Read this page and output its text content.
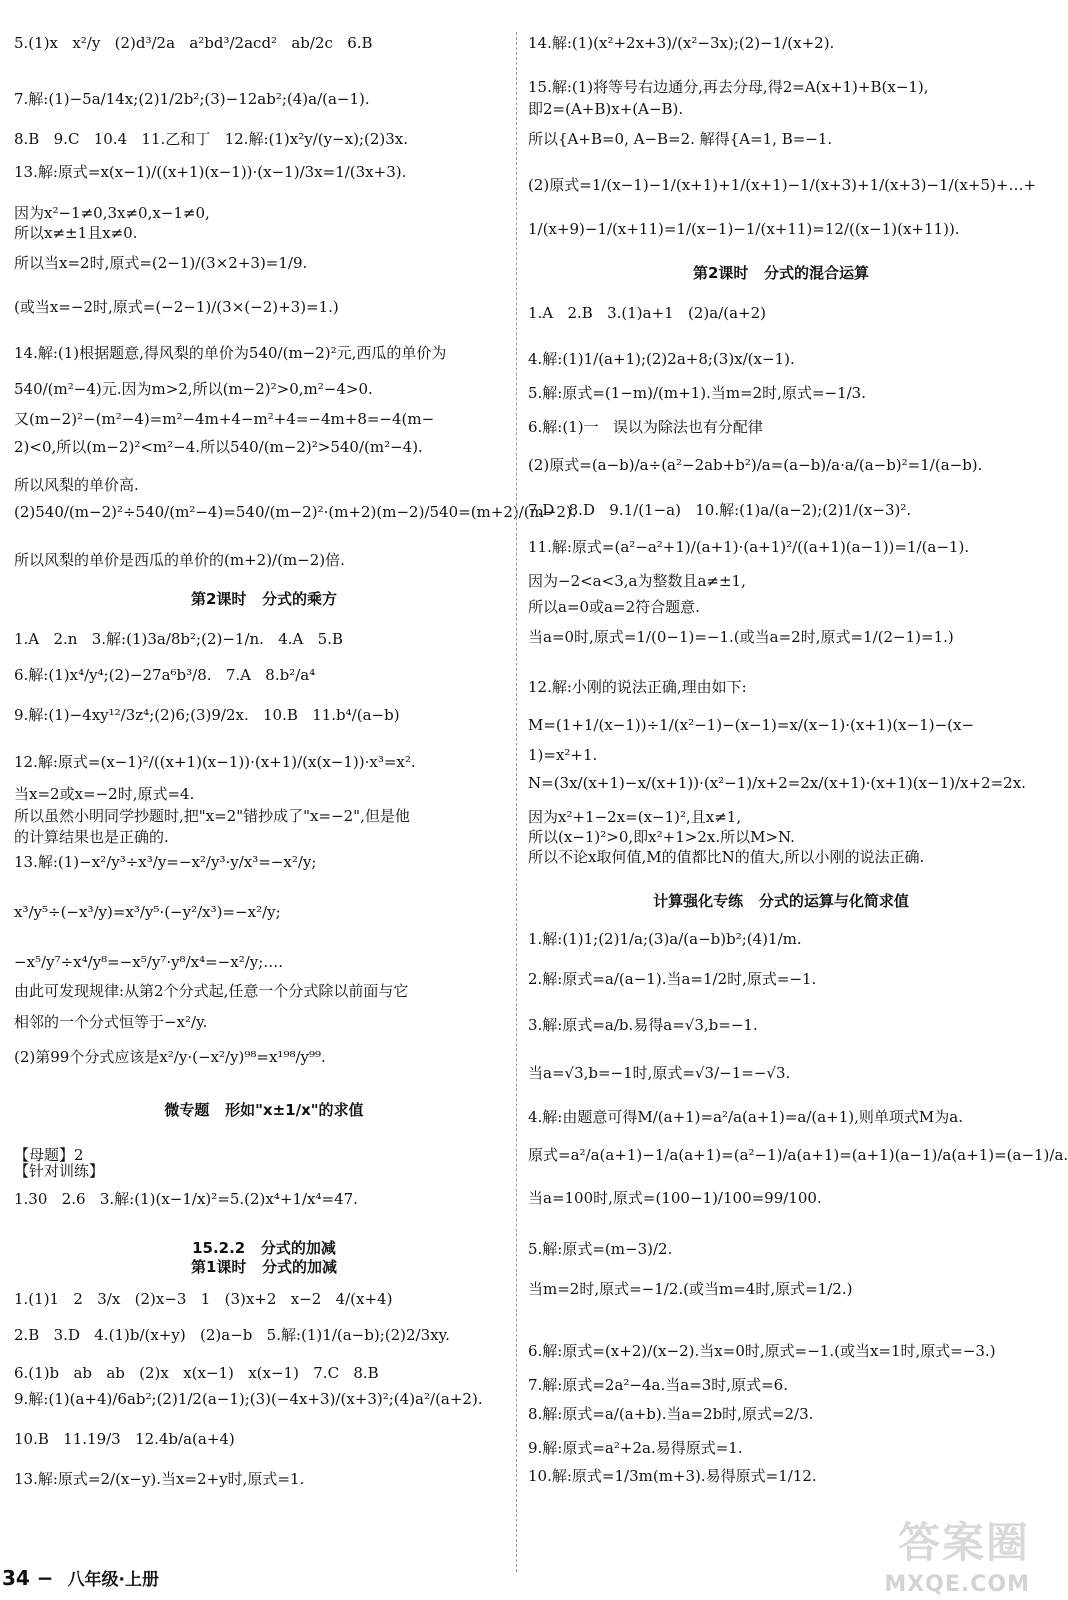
5.(1)x   x²/y   (2)d³/2a   a²bd³/2acd²   ab/2c   6.B
7.解:(1)−5a/14x;(2)1/2b²;(3)−12ab²;(4)a/(a−1).
8.B   9.C   10.4   11.乙和丁   12.解:(1)x²y/(y−x);(2)3x.
13.解:原式=x(x−1)/((x+1)(x−1))·(x−1)/3x=1/(3x+3).
因为x²−1≠0,3x≠0,x−1≠0,
所以x≠±1且x≠0.
所以当x=2时,原式=(2−1)/(3×2+3)=1/9.
(或当x=−2时,原式=(−2−1)/(3×(−2)+3)=1.)
14.解:(1)根据题意,得风梨的单价为540/(m−2)²元,西瓜的单价为
540/(m²−4)元.因为m>2,所以(m−2)²>0,m²−4>0.
又(m−2)²−(m²−4)=m²−4m+4−m²+4=−4m+8=−4(m−
2)<0,所以(m−2)²<m²−4.所以540/(m−2)²>540/(m²−4).
所以风梨的单价高.
(2)540/(m−2)²÷540/(m²−4)=540/(m−2)²·(m+2)(m−2)/540=(m+2)/(m−2).
所以风梨的单价是西瓜的单价的(m+2)/(m−2)倍.
第2课时   分式的乘方
1.A   2.n   3.解:(1)3a/8b²;(2)−1/n.   4.A   5.B
6.解:(1)x⁴/y⁴;(2)−27a⁶b³/8.   7.A   8.b²/a⁴
9.解:(1)−4xy¹²/3z⁴;(2)6;(3)9/2x.   10.B   11.b⁴/(a−b)
12.解:原式=(x−1)²/((x+1)(x−1))·(x+1)/(x(x−1))·x³=x².
当x=2或x=−2时,原式=4.
所以虽然小明同学抄题时,把"x=2"错抄成了"x=−2",但是他
的计算结果也是正确的.
13.解:(1)−x²/y³÷x³/y=−x²/y³·y/x³=−x²/y;
x³/y⁵÷(−x³/y)=x³/y⁵·(−y²/x³)=−x²/y;
−x⁵/y⁷÷x⁴/y⁸=−x⁵/y⁷·y⁸/x⁴=−x²/y;….
由此可发现规律:从第2个分式起,任意一个分式除以前面与它
相邻的一个分式恒等于−x²/y.
(2)第99个分式应该是x²/y·(−x²/y)⁹⁸=x¹⁹⁸/y⁹⁹.
微专题   形如"x±1/x"的求值
【母题】2
【针对训练】
1.30   2.6   3.解:(1)(x−1/x)²=5.(2)x⁴+1/x⁴=47.
15.2.2   分式的加减
第1课时   分式的加减
1.(1)1   2   3/x   (2)x−3   1   (3)x+2   x−2   4/(x+4)
2.B   3.D   4.(1)b/(x+y)   (2)a−b   5.解:(1)1/(a−b);(2)2/3xy.
6.(1)b   ab   ab   (2)x   x(x−1)   x(x−1)   7.C   8.B
9.解:(1)(a+4)/6ab²;(2)1/2(a−1);(3)(−4x+3)/(x+3)²;(4)a²/(a+2).
10.B   11.19/3   12.4b/a(a+4)
13.解:原式=2/(x−y).当x=2+y时,原式=1.
14.解:(1)(x²+2x+3)/(x²−3x);(2)−1/(x+2).
15.解:(1)将等号右边通分,再去分母,得2=A(x+1)+B(x−1),
即2=(A+B)x+(A−B).
所以{A+B=0, A−B=2. 解得{A=1, B=−1.
(2)原式=1/(x−1)−1/(x+1)+1/(x+1)−1/(x+3)+1/(x+3)−1/(x+5)+…+
1/(x+9)−1/(x+11)=1/(x−1)−1/(x+11)=12/((x−1)(x+11)).
第2课时   分式的混合运算
1.A   2.B   3.(1)a+1   (2)a/(a+2)
4.解:(1)1/(a+1);(2)2a+8;(3)x/(x−1).
5.解:原式=(1−m)/(m+1).当m=2时,原式=−1/3.
6.解:(1)一   误以为除法也有分配律
(2)原式=(a−b)/a÷(a²−2ab+b²)/a=(a−b)/a·a/(a−b)²=1/(a−b).
7.D   8.D   9.1/(1−a)   10.解:(1)a/(a−2);(2)1/(x−3)².
11.解:原式=(a²−a²+1)/(a+1)·(a+1)²/((a+1)(a−1))=1/(a−1).
因为−2<a<3,a为整数且a≠±1,
所以a=0或a=2符合题意.
当a=0时,原式=1/(0−1)=−1.(或当a=2时,原式=1/(2−1)=1.)
12.解:小刚的说法正确,理由如下:
M=(1+1/(x−1))÷1/(x²−1)−(x−1)=x/(x−1)·(x+1)(x−1)−(x−
1)=x²+1.
N=(3x/(x+1)−x/(x+1))·(x²−1)/x+2=2x/(x+1)·(x+1)(x−1)/x+2=2x.
因为x²+1−2x=(x−1)²,且x≠1,
所以(x−1)²>0,即x²+1>2x.所以M>N.
所以不论x取何值,M的值都比N的值大,所以小刚的说法正确.
计算强化专练   分式的运算与化简求值
1.解:(1)1;(2)1/a;(3)a/(a−b)b²;(4)1/m.
2.解:原式=a/(a−1).当a=1/2时,原式=−1.
3.解:原式=a/b.易得a=√3,b=−1.
当a=√3,b=−1时,原式=√3/−1=−√3.
4.解:由题意可得M/(a+1)=a²/a(a+1)=a/(a+1),则单项式M为a.
原式=a²/a(a+1)−1/a(a+1)=(a²−1)/a(a+1)=(a+1)(a−1)/a(a+1)=(a−1)/a.
当a=100时,原式=(100−1)/100=99/100.
5.解:原式=(m−3)/2.
当m=2时,原式=−1/2.(或当m=4时,原式=1/2.)
6.解:原式=(x+2)/(x−2).当x=0时,原式=−1.(或当x=1时,原式=−3.)
7.解:原式=2a²−4a.当a=3时,原式=6.
8.解:原式=a/(a+b).当a=2b时,原式=2/3.
9.解:原式=a²+2a.易得原式=1.
10.解:原式=1/3m(m+3).易得原式=1/12.
34 − 八年级·上册
答案圈
MXQE.COM
